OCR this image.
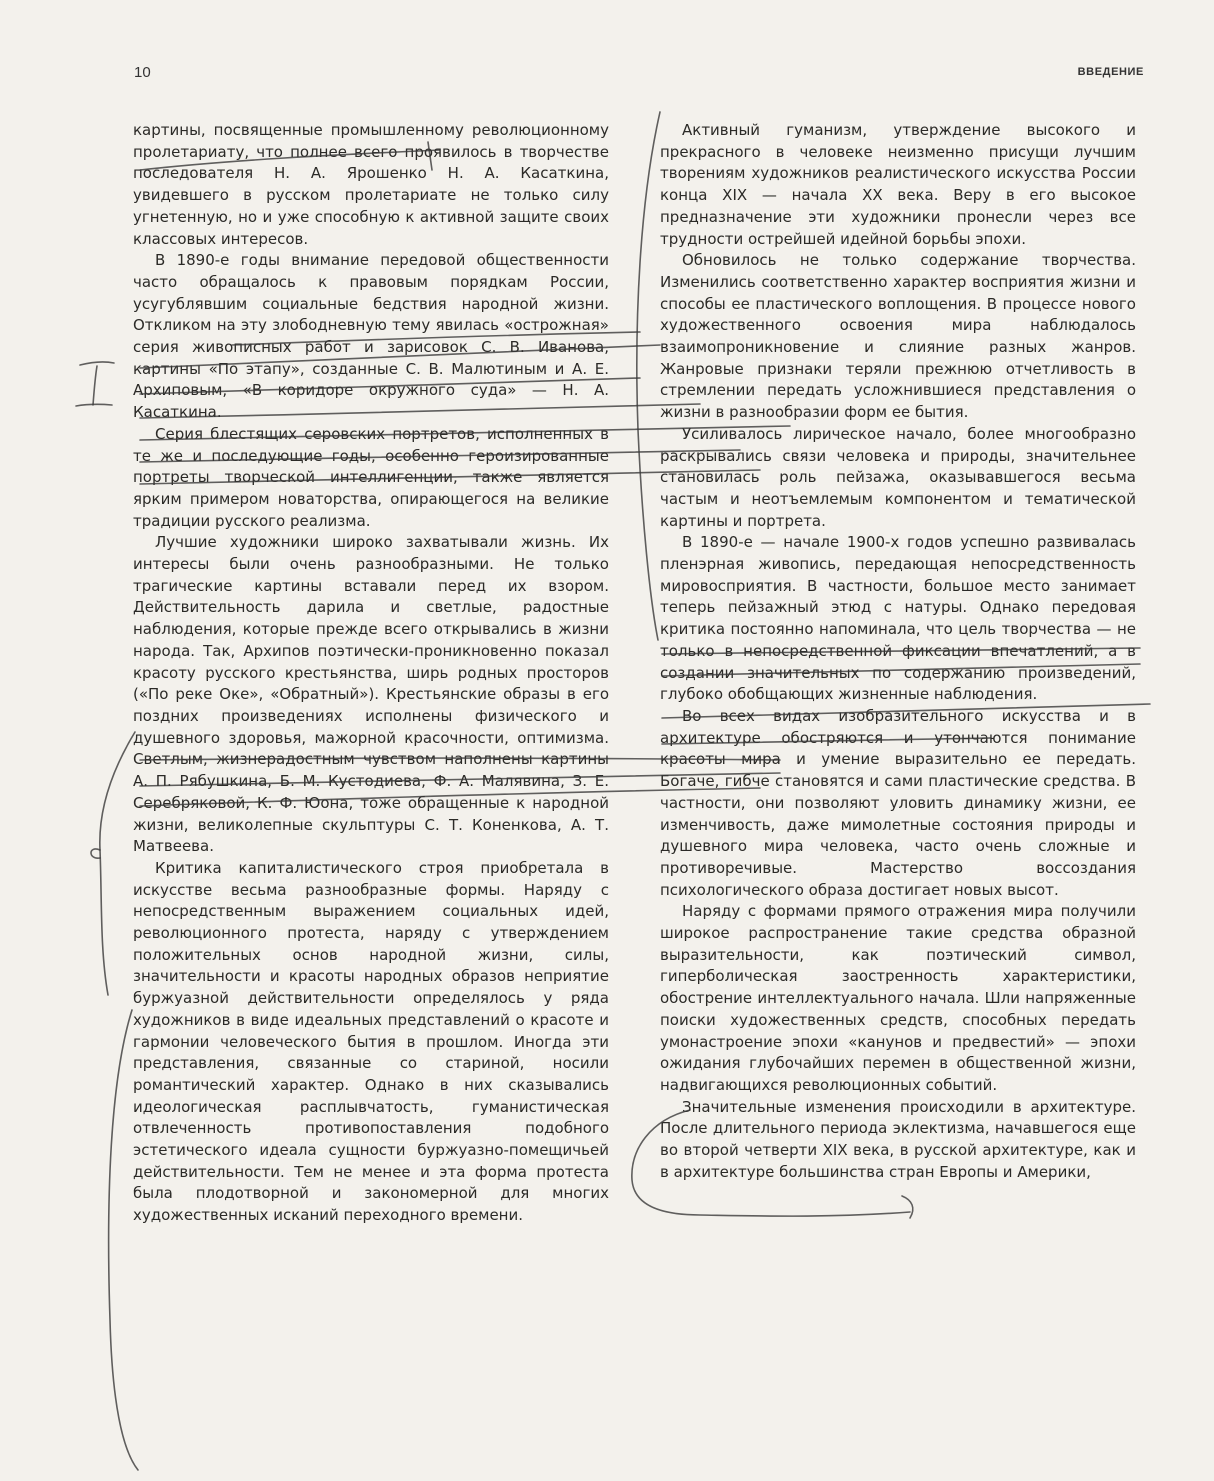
10	ВВЕДЕНИЕ

картины, посвященные промышленному революционному пролетариату, что полнее всего проявилось в творчестве последователя Н. А. Ярошенко Н. А. Касаткина, увидевшего в русском пролетариате не только силу угнетенную, но и уже способную к активной защите своих классовых интересов.

В 1890-е годы внимание передовой общественности часто обращалось к правовым порядкам России, усугублявшим социальные бедствия народной жизни. Откликом на эту злободневную тему явилась «острожная» серия живописных работ и зарисовок С. В. Иванова, картины «По этапу», созданные С. В. Малютиным и А. Е. Архиповым, «В коридоре окружного суда» — Н. А. Касаткина.

Серия блестящих серовских портретов, исполненных в те же и последующие годы, особенно героизированные портреты творческой интеллигенции, также является ярким примером новаторства, опирающегося на великие традиции русского реализма.

Лучшие художники широко захватывали жизнь. Их интересы были очень разнообразными. Не только трагические картины вставали перед их взором. Действительность дарила и светлые, радостные наблюдения, которые прежде всего открывались в жизни народа. Так, Архипов поэтически-проникновенно показал красоту русского крестьянства, ширь родных просторов («По реке Оке», «Обратный»). Крестьянские образы в его поздних произведениях исполнены физического и душевного здоровья, мажорной красочности, оптимизма. Светлым, жизнерадостным чувством наполнены картины А. П. Рябушкина, Б. М. Кустодиева, Ф. А. Малявина, З. Е. Серебряковой, К. Ф. Юона, тоже обращенные к народной жизни, великолепные скульптуры С. Т. Коненкова, А. Т. Матвеева.

Критика капиталистического строя приобретала в искусстве весьма разнообразные формы. Наряду с непосредственным выражением социальных идей, революционного протеста, наряду с утверждением положительных основ народной жизни, силы, значительности и красоты народных образов неприятие буржуазной действительности определялось у ряда художников в виде идеальных представлений о красоте и гармонии человеческого бытия в прошлом. Иногда эти представления, связанные со стариной, носили романтический характер. Однако в них сказывались идеологическая расплывчатость, гуманистическая отвлеченность противопоставления подобного эстетического идеала сущности буржуазно-помещичьей действительности. Тем не менее и эта форма протеста была плодотворной и закономерной для многих художественных исканий переходного времени.

Активный гуманизм, утверждение высокого и прекрасного в человеке неизменно присущи лучшим творениям художников реалистического искусства России конца XIX — начала XX века. Веру в его высокое предназначение эти художники пронесли через все трудности острейшей идейной борьбы эпохи.

Обновилось не только содержание творчества. Изменились соответственно характер восприятия жизни и способы ее пластического воплощения. В процессе нового художественного освоения мира наблюдалось взаимопроникновение и слияние разных жанров. Жанровые признаки теряли прежнюю отчетливость в стремлении передать усложнившиеся представления о жизни в разнообразии форм ее бытия.

Усиливалось лирическое начало, более многообразно раскрывались связи человека и природы, значительнее становилась роль пейзажа, оказывавшегося весьма частым и неотъемлемым компонентом и тематической картины и портрета.

В 1890-е — начале 1900-х годов успешно развивалась пленэрная живопись, передающая непосредственность мировосприятия. В частности, большое место занимает теперь пейзажный этюд с натуры. Однако передовая критика постоянно напоминала, что цель творчества — не только в непосредственной фиксации впечатлений, а в создании значительных по содержанию произведений, глубоко обобщающих жизненные наблюдения.

Во всех видах изобразительного искусства и в архитектуре обостряются и утончаются понимание красоты мира и умение выразительно ее передать. Богаче, гибче становятся и сами пластические средства. В частности, они позволяют уловить динамику жизни, ее изменчивость, даже мимолетные состояния природы и душевного мира человека, часто очень сложные и противоречивые. Мастерство воссоздания психологического образа достигает новых высот.

Наряду с формами прямого отражения мира получили широкое распространение такие средства образной выразительности, как поэтический символ, гиперболическая заостренность характеристики, обострение интеллектуального начала. Шли напряженные поиски художественных средств, способных передать умонастроение эпохи «канунов и предвестий» — эпохи ожидания глубочайших перемен в общественной жизни, надвигающихся революционных событий.

Значительные изменения происходили в архитектуре. После длительного периода эклектизма, начавшегося еще во второй четверти XIX века, в русской архитектуре, как и в архитектуре большинства стран Европы и Америки,
